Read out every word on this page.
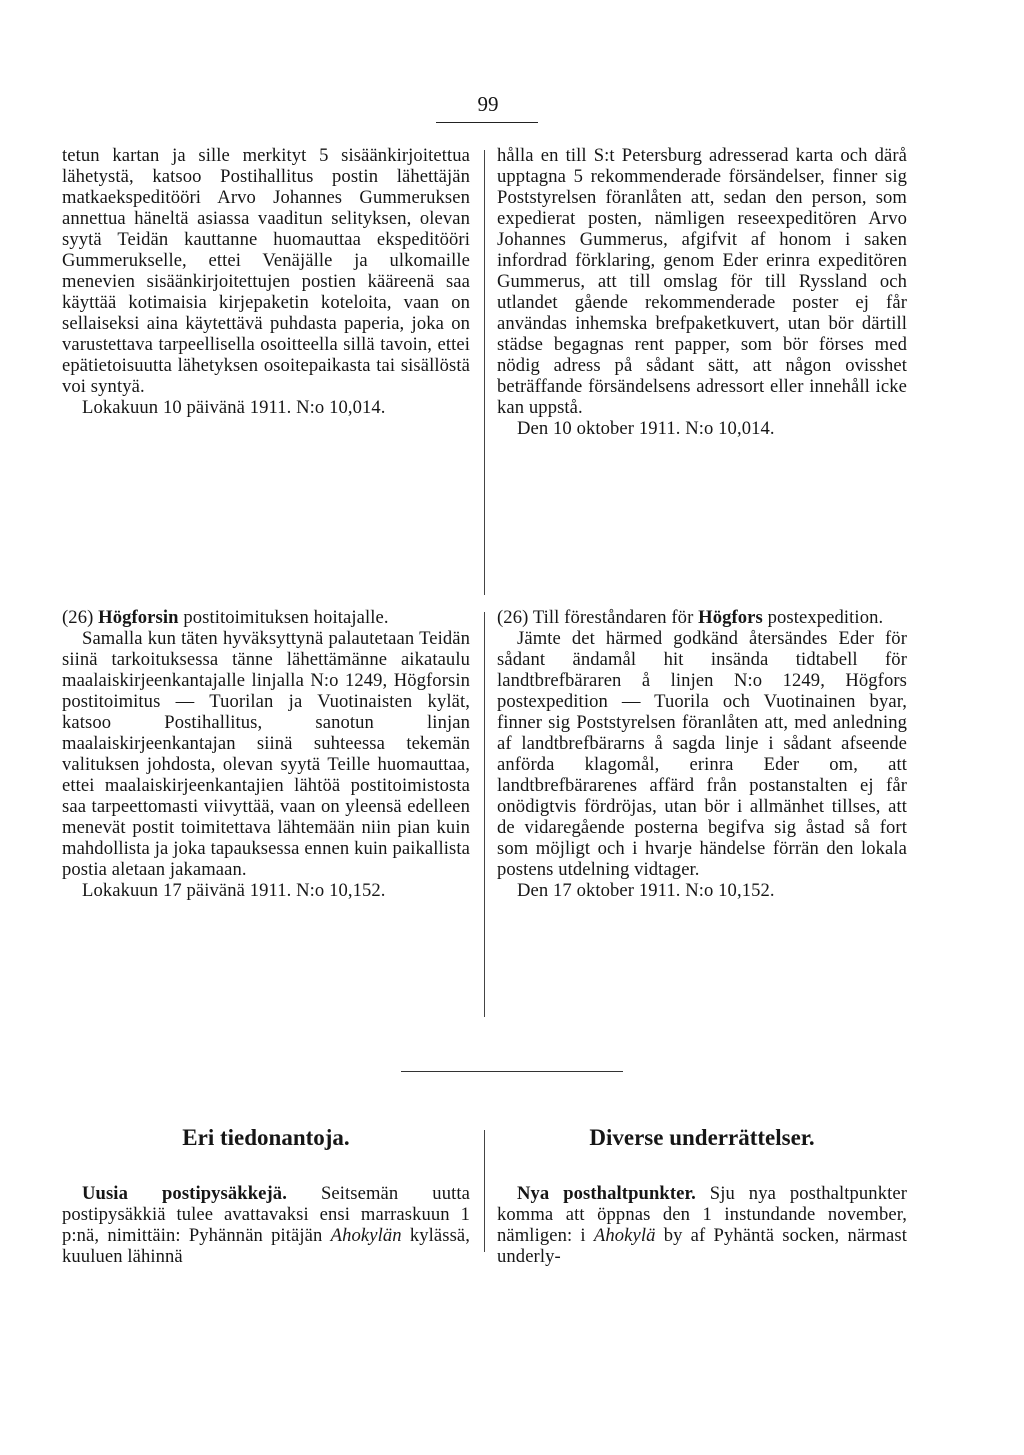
99

tetun kartan ja sille merkityt 5 sisäänkirjoitettua lähetystä, katsoo Postihallitus postin lähettäjän matkaekspeditööri Arvo Johannes Gummeruksen annettua häneltä asiassa vaaditun selityksen, olevan syytä Teidän kauttanne huomauttaa ekspeditööri Gummerukselle, ettei Venäjälle ja ulkomaille menevien sisäänkirjoitettujen postien kääreenä saa käyttää kotimaisia kirjepaketin koteloita, vaan on sellaiseksi aina käytettävä puhdasta paperia, joka on varustettava tarpeellisella osoitteella sillä tavoin, ettei epätietoisuutta lähetyksen osoitepaikasta tai sisällöstä voi syntyä.

Lokakuun 10 päivänä 1911. N:o 10,014.

hålla en till S:t Petersburg adresserad karta och därå upptagna 5 rekommenderade försändelser, finner sig Poststyrelsen föranlåten att, sedan den person, som expedierat posten, nämligen reseexpeditören Arvo Johannes Gummerus, afgifvit af honom i saken infordrad förklaring, genom Eder erinra expeditören Gummerus, att till omslag för till Ryssland och utlandet gående rekommenderade poster ej får användas inhemska brefpaketkuvert, utan bör därtill städse begagnas rent papper, som bör förses med nödig adress på sådant sätt, att någon ovisshet beträffande försändelsens adressort eller innehåll icke kan uppstå.

Den 10 oktober 1911. N:o 10,014.

(26) Högforsin postitoimituksen hoitajalle.

Samalla kun täten hyväksyttynä palautetaan Teidän siinä tarkoituksessa tänne lähettämänne aikataulu maalaiskirjeenkantajalle linjalla N:o 1249, Högforsin postitoimitus — Tuorilan ja Vuotinaisten kylät, katsoo Postihallitus, sanotun linjan maalaiskirjeenkantajan siinä suhteessa tekemän valituksen johdosta, olevan syytä Teille huomauttaa, ettei maalaiskirjeenkantajien lähtöä postitoimistosta saa tarpeettomasti viivyttää, vaan on yleensä edelleen menevät postit toimitettava lähtemään niin pian kuin mahdollista ja joka tapauksessa ennen kuin paikallista postia aletaan jakamaan.

Lokakuun 17 päivänä 1911. N:o 10,152.

(26) Till föreståndaren för Högfors postexpedition.

Jämte det härmed godkänd återsändes Eder för sådant ändamål hit insända tidtabell för landtbrefbäraren å linjen N:o 1249, Högfors postexpedition — Tuorila och Vuotinainen byar, finner sig Poststyrelsen föranlåten att, med anledning af landtbrefbärarns å sagda linje i sådant afseende anförda klagomål, erinra Eder om, att landtbrefbärarenes affärd från postanstalten ej får onödigtvis fördröjas, utan bör i allmänhet tillses, att de vidaregående posterna begifva sig åstad så fort som möjligt och i hvarje händelse förrän den lokala postens utdelning vidtager.

Den 17 oktober 1911. N:o 10,152.

Eri tiedonantoja.	Diverse underrättelser.

Uusia postipysäkkejä. Seitsemän uutta postipysäkkiä tulee avattavaksi ensi marraskuun 1 p:nä, nimittäin: Pyhännän pitäjän Ahokylän kylässä, kuuluen lähinnä

Nya posthaltpunkter. Sju nya posthaltpunkter komma att öppnas den 1 instundande november, nämligen: i Ahokylä by af Pyhäntä socken, närmast underly-
